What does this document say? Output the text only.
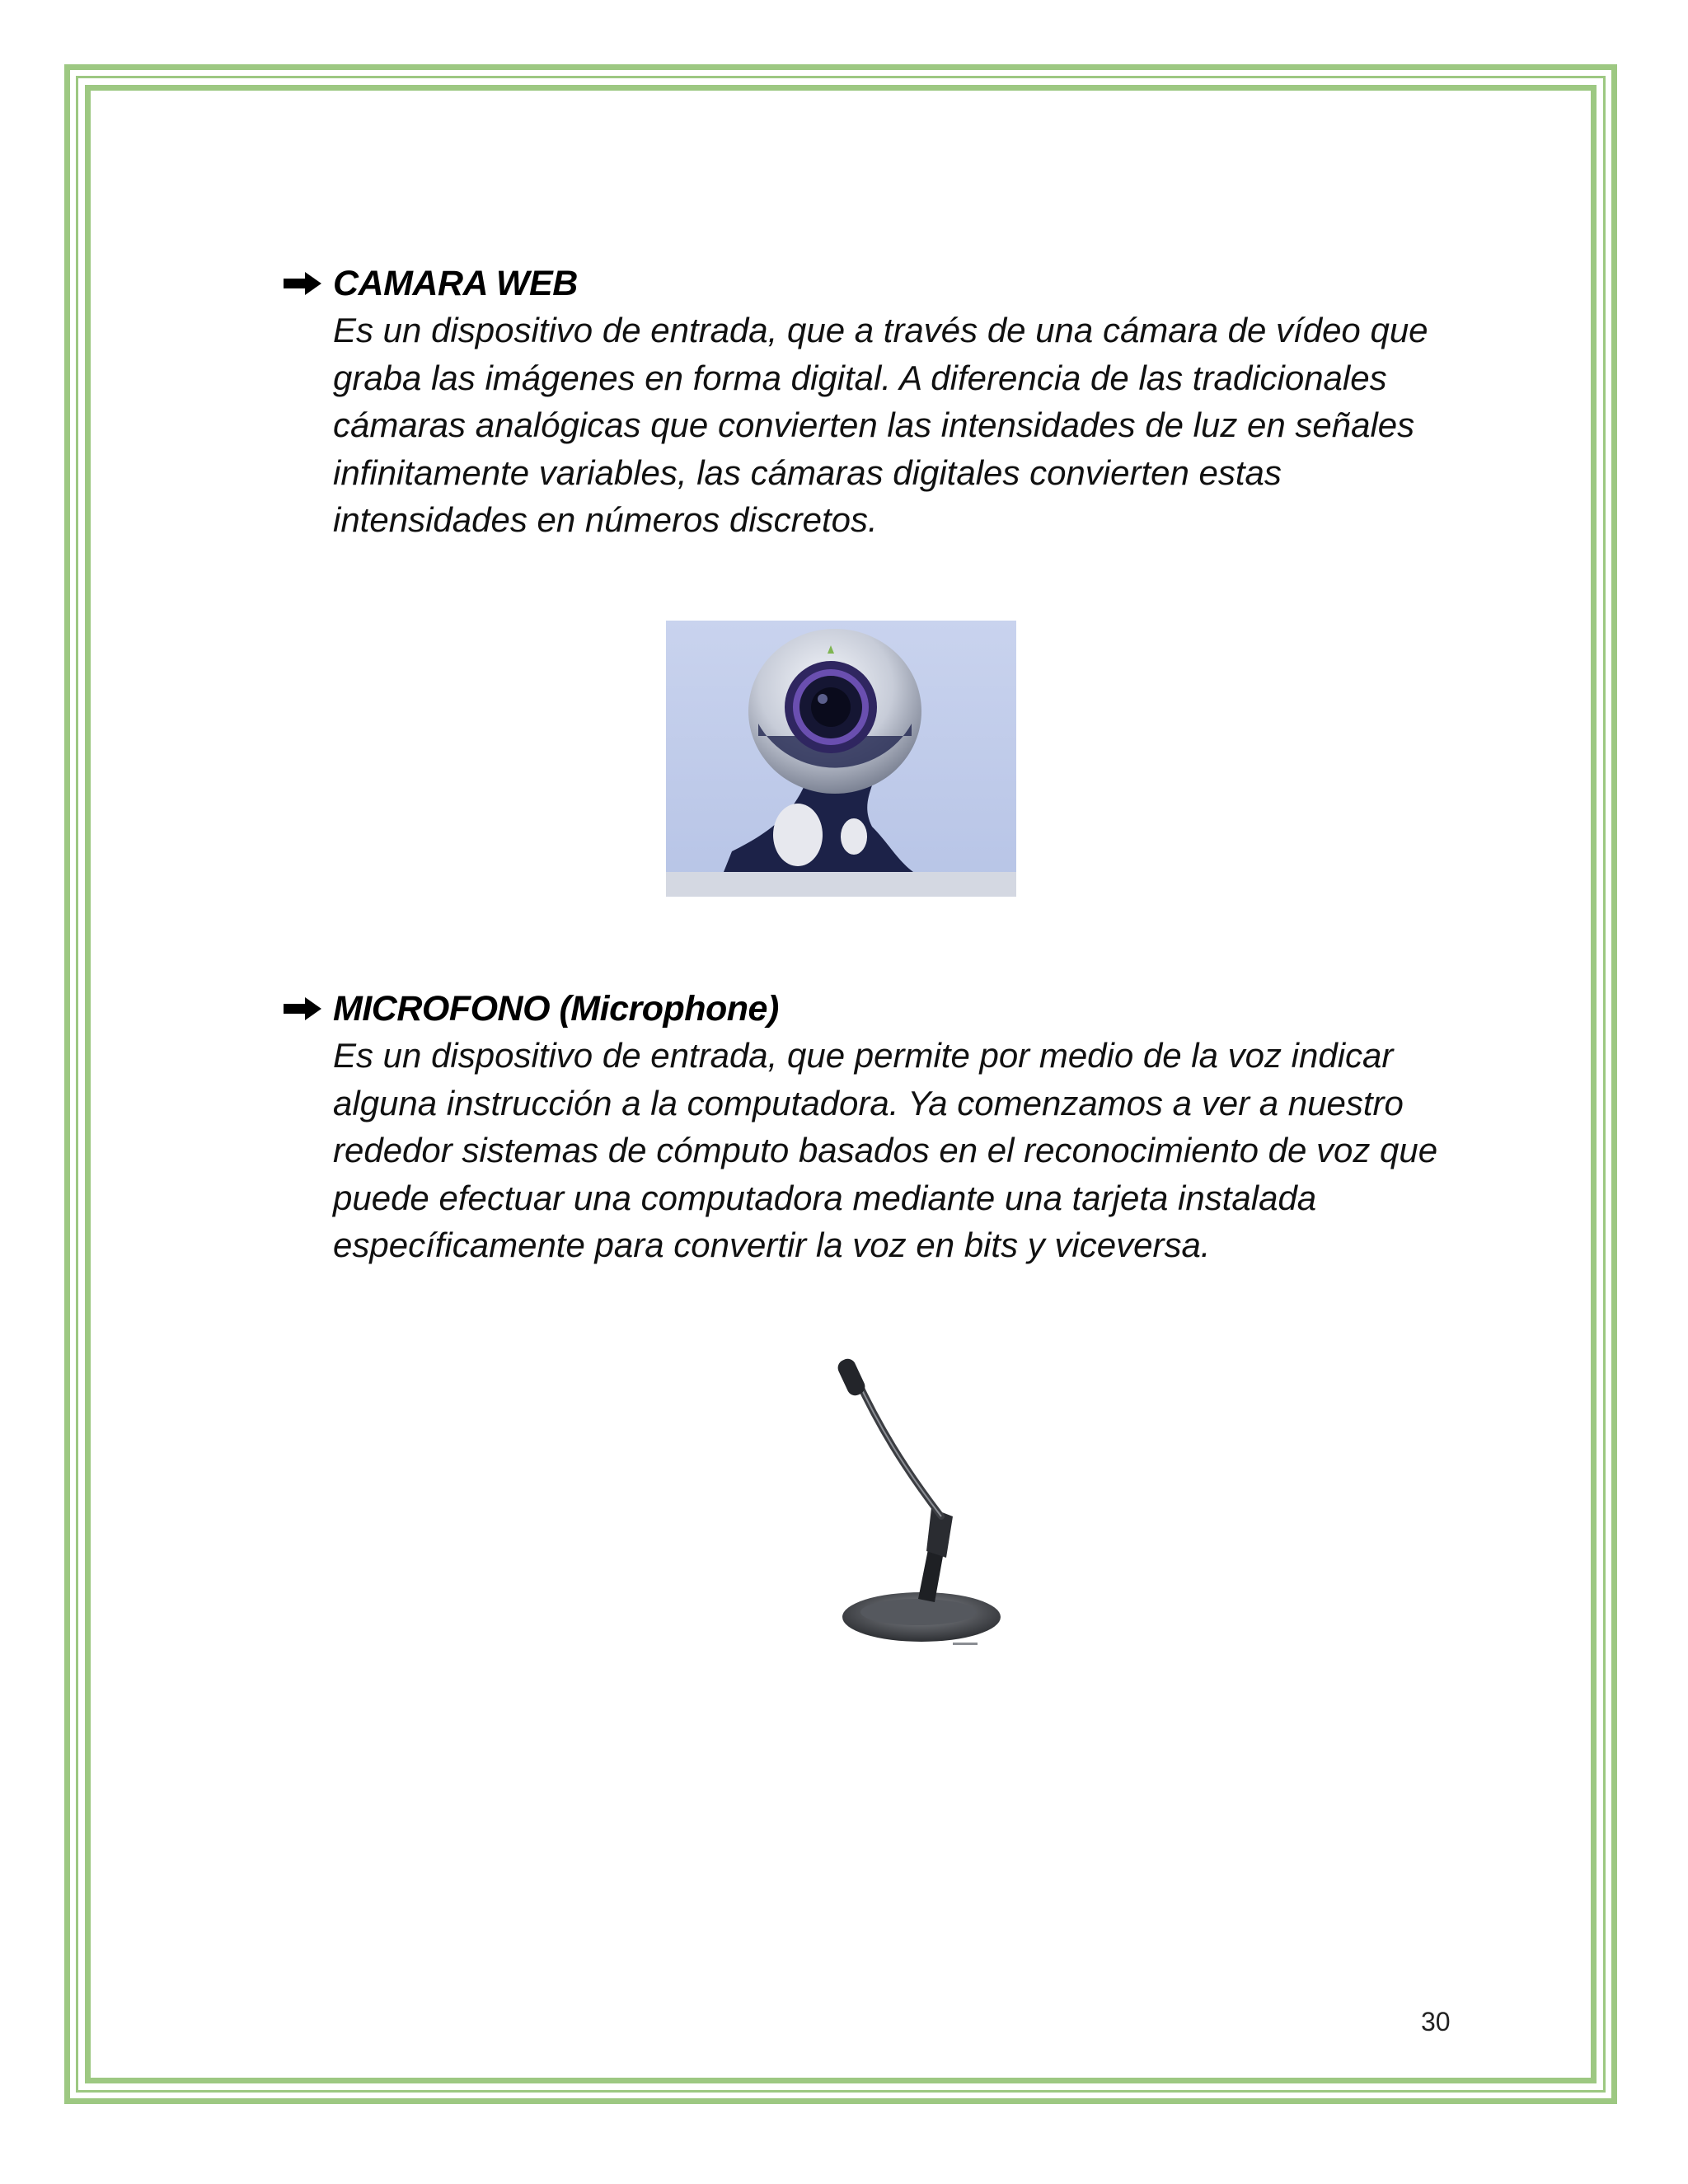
CAMARA WEB
Es un dispositivo de entrada, que a través de una cámara de vídeo que graba las imágenes en forma digital. A diferencia de las tradicionales cámaras analógicas que convierten las intensidades de luz en señales infinitamente variables, las cámaras digitales convierten estas intensidades en números discretos.
MICROFONO (Microphone)
Es un dispositivo de entrada, que permite por medio de la voz indicar alguna instrucción a la computadora. Ya comenzamos a ver a nuestro rededor sistemas de cómputo basados en el reconocimiento de voz que puede efectuar una computadora mediante una tarjeta instalada específicamente para convertir la voz en bits y viceversa.
▬▬▬
30
